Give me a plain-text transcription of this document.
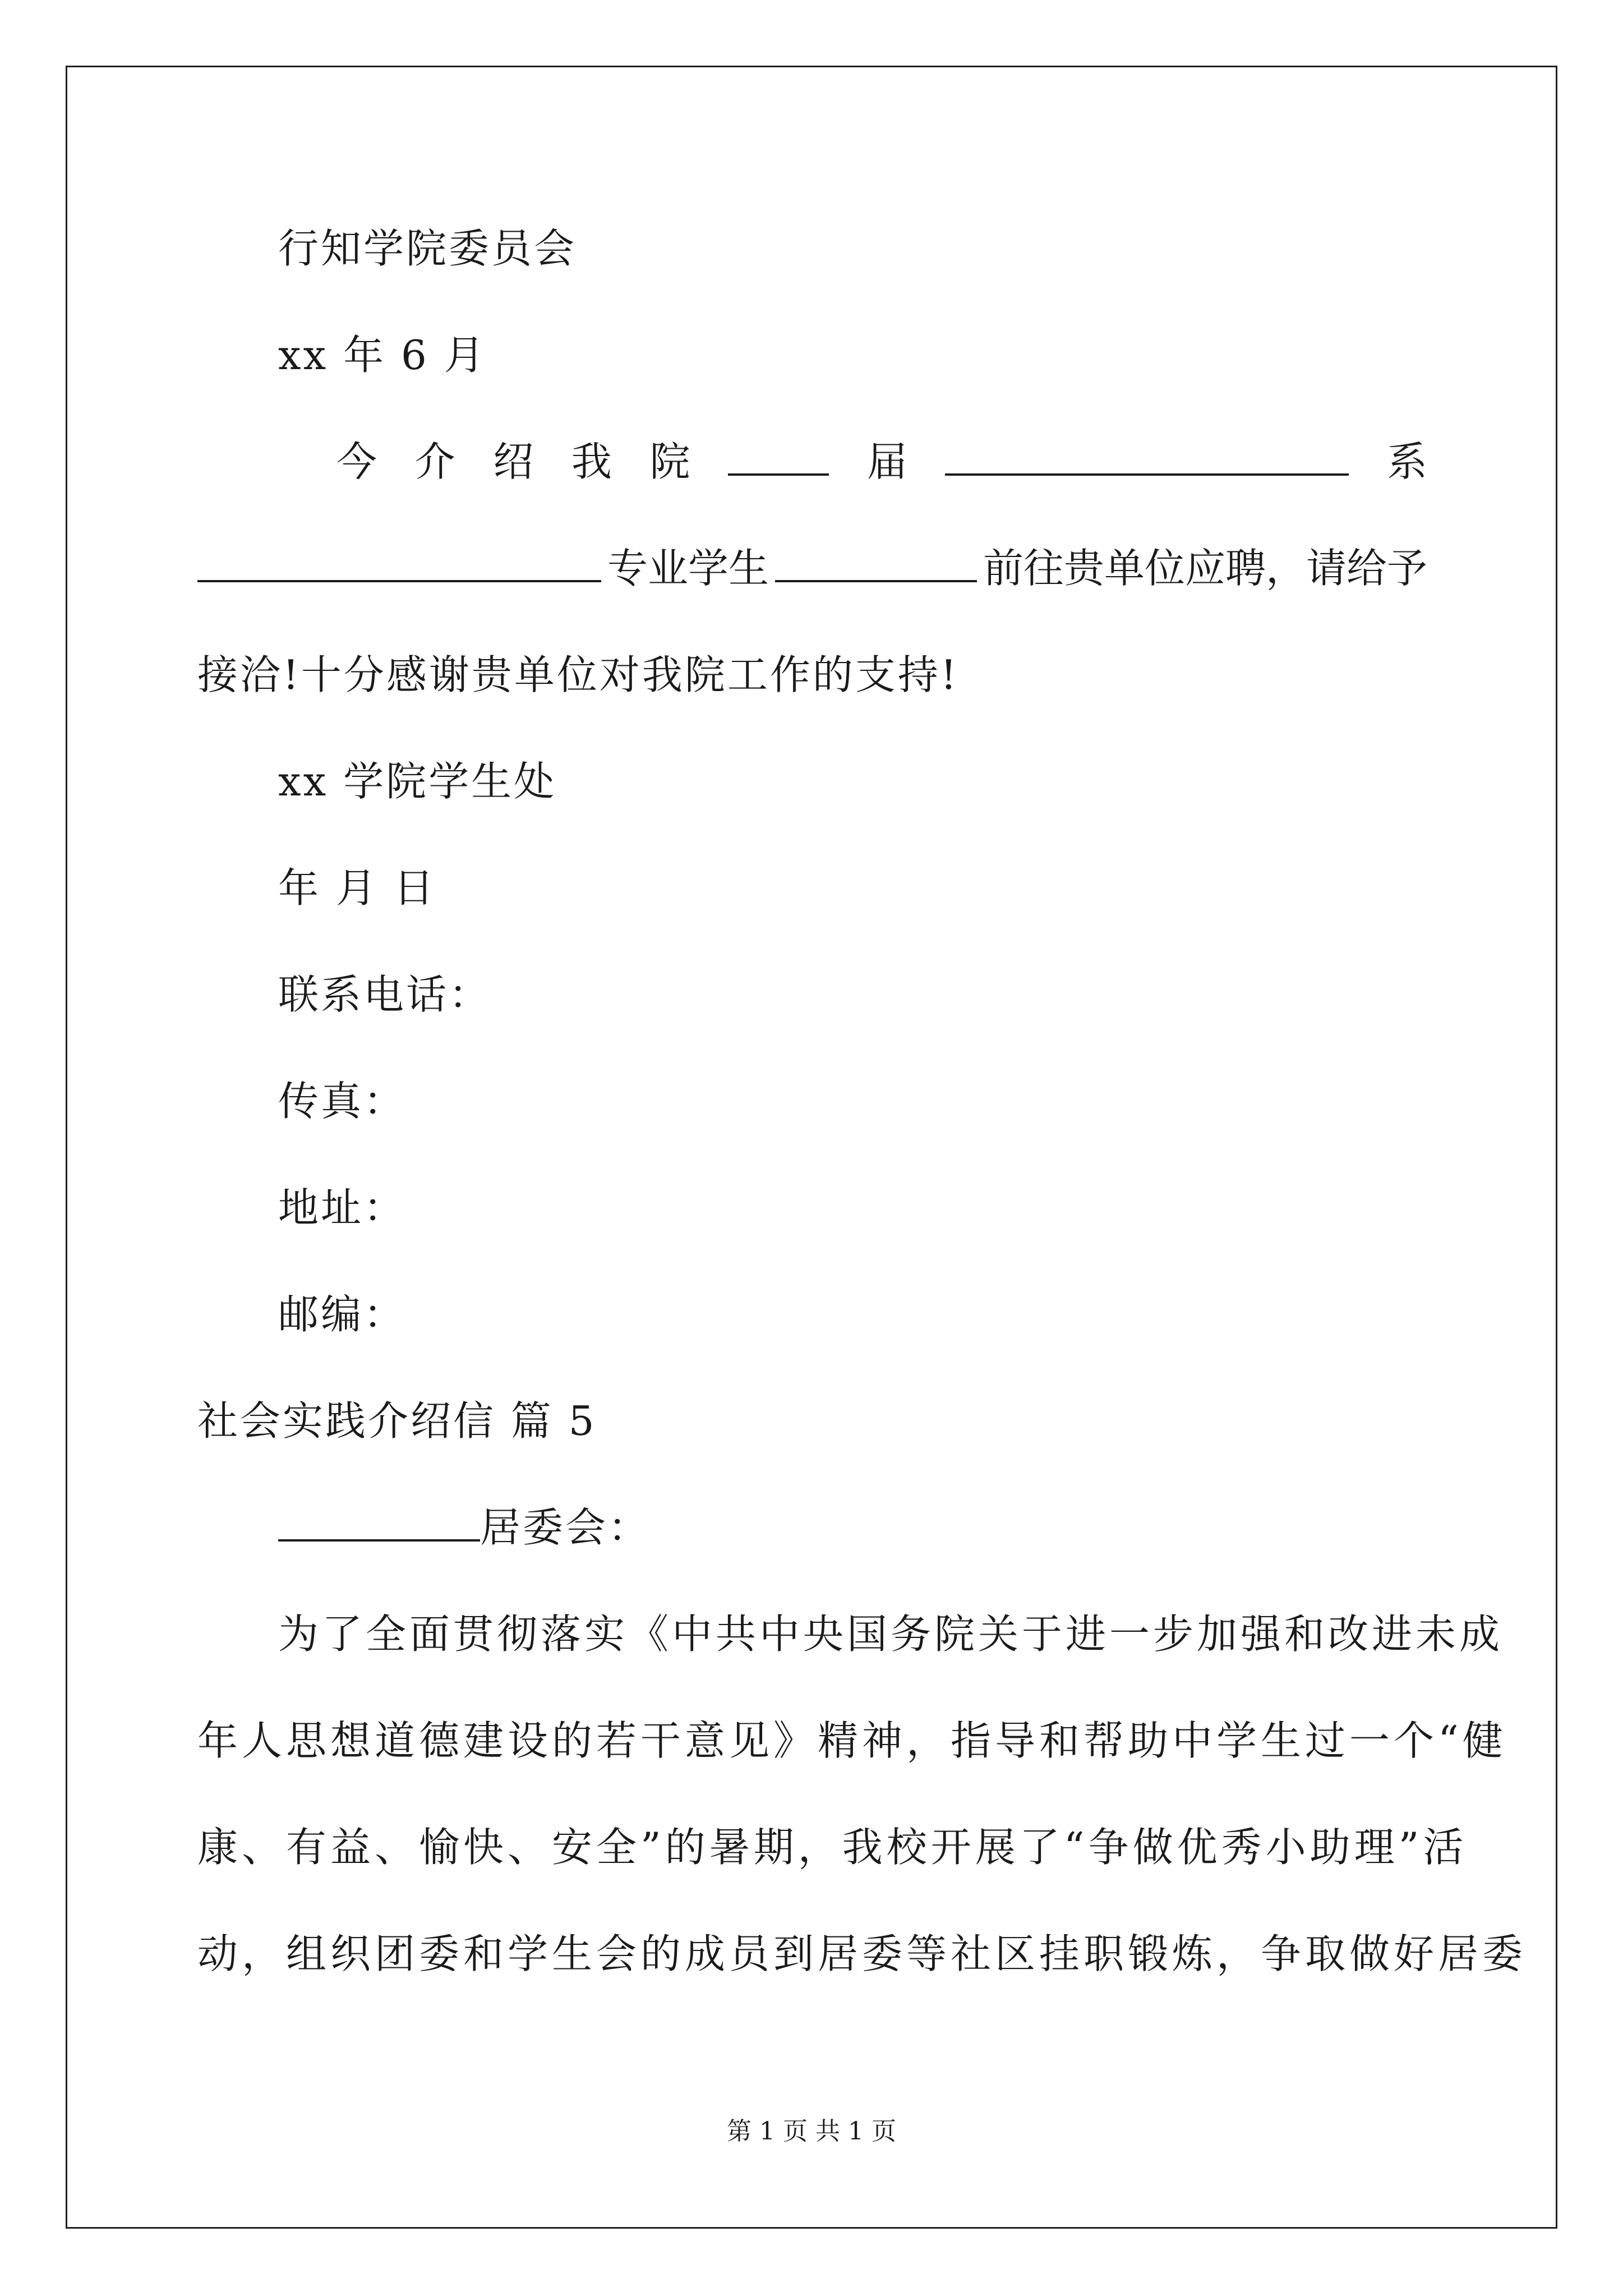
行知学院委员会
xx 年 6 月
今 介 绍 我 院	届	系
专业学生	前往贵单位应聘，请给予
接洽!十分感谢贵单位对我院工作的支持!
xx 学院学生处
年 月 日
联系电话：
传真：
地址：
邮编：
社会实践介绍信 篇 5
居委会：
为了全面贯彻落实《中共中央国务院关于进一步加强和改进未成
年人思想道德建设的若干意见》精神，指导和帮助中学生过一个“健
康、有益、愉快、安全”的暑期，我校开展了“争做优秀小助理”活
动，组织团委和学生会的成员到居委等社区挂职锻炼，争取做好居委
第 1 页 共 1 页
